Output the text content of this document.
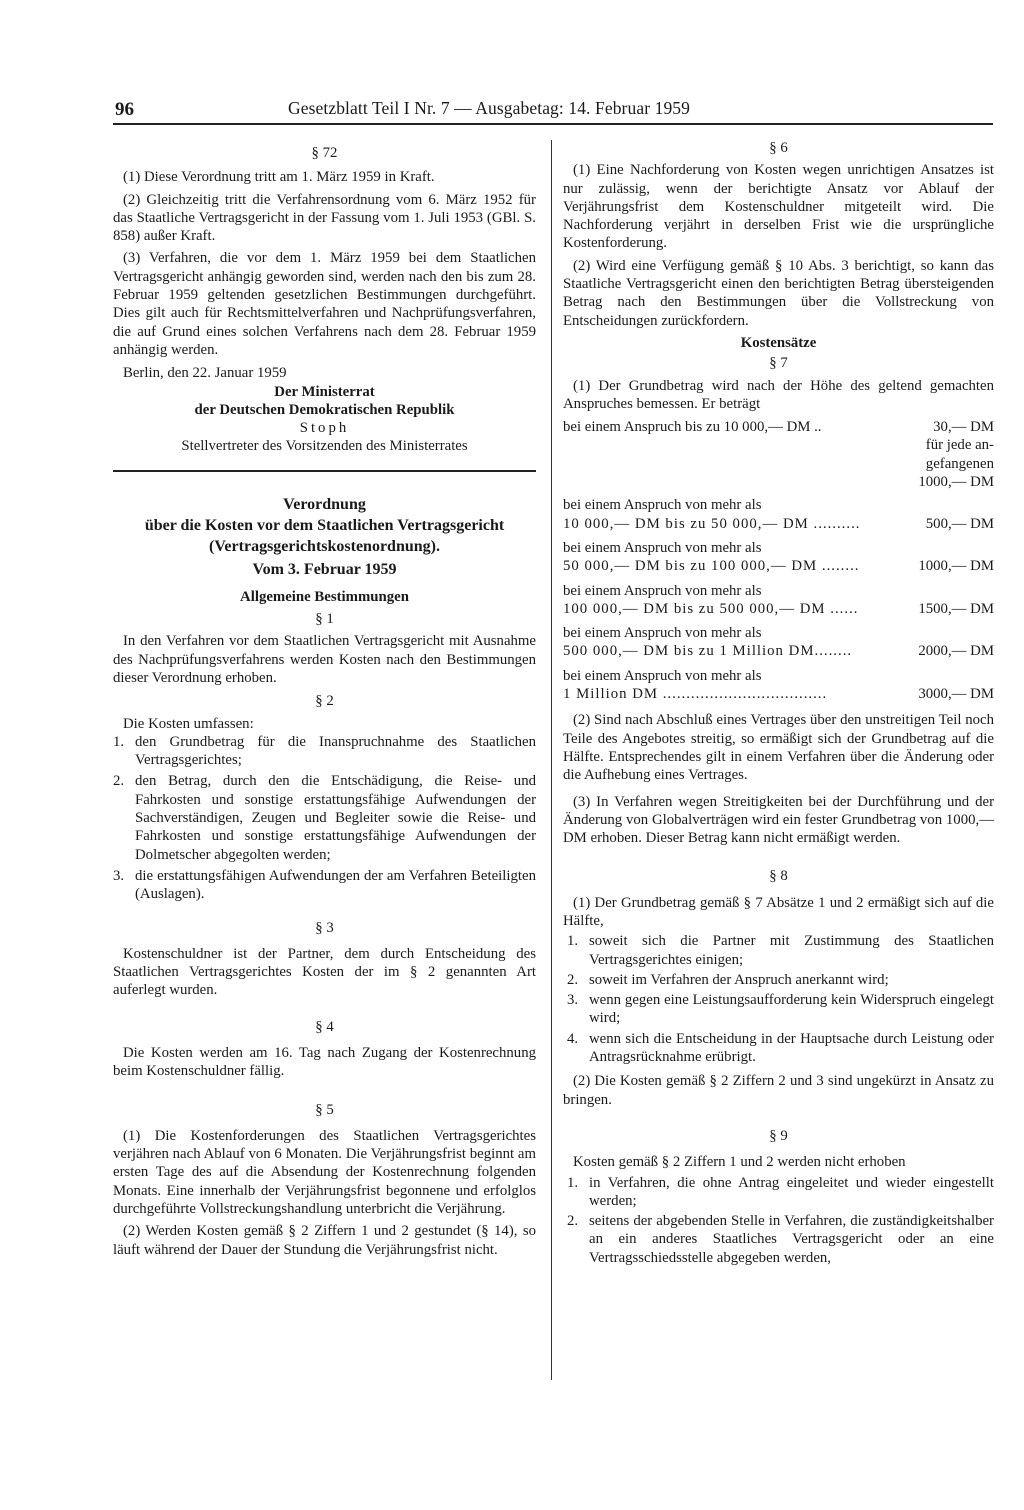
96	Gesetzblatt Teil I Nr. 7 — Ausgabetag: 14. Februar 1959

§ 72

(1) Diese Verordnung tritt am 1. März 1959 in Kraft.

(2) Gleichzeitig tritt die Verfahrensordnung vom 6. März 1952 für das Staatliche Vertragsgericht in der Fassung vom 1. Juli 1953 (GBl. S. 858) außer Kraft.

(3) Verfahren, die vor dem 1. März 1959 bei dem Staatlichen Vertragsgericht anhängig geworden sind, werden nach den bis zum 28. Februar 1959 geltenden gesetzlichen Bestimmungen durchgeführt. Dies gilt auch für Rechtsmittelverfahren und Nachprüfungsverfahren, die auf Grund eines solchen Verfahrens nach dem 28. Februar 1959 anhängig werden.

Berlin, den 22. Januar 1959

Der Ministerrat

der Deutschen Demokratischen Republik

Stoph

Stellvertreter des Vorsitzenden des Ministerrates

Verordnung

über die Kosten vor dem Staatlichen Vertragsgericht (Vertragsgerichtskostenordnung).

Vom 3. Februar 1959

Allgemeine Bestimmungen

§ 1

In den Verfahren vor dem Staatlichen Vertragsgericht mit Ausnahme des Nachprüfungsverfahrens werden Kosten nach den Bestimmungen dieser Verordnung erhoben.

§ 2

Die Kosten umfassen:

1. den Grundbetrag für die Inanspruchnahme des Staatlichen Vertragsgerichtes;
2. den Betrag, durch den die Entschädigung, die Reise- und Fahrkosten und sonstige erstattungsfähige Aufwendungen der Sachverständigen, Zeugen und Begleiter sowie die Reise- und Fahrkosten und sonstige erstattungsfähige Aufwendungen der Dolmetscher abgegolten werden;
3. die erstattungsfähigen Aufwendungen der am Verfahren Beteiligten (Auslagen).

§ 3

Kostenschuldner ist der Partner, dem durch Entscheidung des Staatlichen Vertragsgerichtes Kosten der im § 2 genannten Art auferlegt wurden.

§ 4

Die Kosten werden am 16. Tag nach Zugang der Kostenrechnung beim Kostenschuldner fällig.

§ 5

(1) Die Kostenforderungen des Staatlichen Vertragsgerichtes verjähren nach Ablauf von 6 Monaten. Die Verjährungsfrist beginnt am ersten Tage des auf die Absendung der Kostenrechnung folgenden Monats. Eine innerhalb der Verjährungsfrist begonnene und erfolglos durchgeführte Vollstreckungshandlung unterbricht die Verjährung.

(2) Werden Kosten gemäß § 2 Ziffern 1 und 2 gestundet (§ 14), so läuft während der Dauer der Stundung die Verjährungsfrist nicht.

§ 6

(1) Eine Nachforderung von Kosten wegen unrichtigen Ansatzes ist nur zulässig, wenn der berichtigte Ansatz vor Ablauf der Verjährungsfrist dem Kostenschuldner mitgeteilt wird. Die Nachforderung verjährt in derselben Frist wie die ursprüngliche Kostenforderung.

(2) Wird eine Verfügung gemäß § 10 Abs. 3 berichtigt, so kann das Staatliche Vertragsgericht einen den berichtigten Betrag übersteigenden Betrag nach den Bestimmungen über die Vollstreckung von Entscheidungen zurückfordern.

Kostensätze

§ 7

(1) Der Grundbetrag wird nach der Höhe des geltend gemachten Anspruches bemessen. Er beträgt

bei einem Anspruch bis zu 10 000,— DM ..	30,— DM

für jede an-

gefangenen

1000,— DM

bei einem Anspruch von mehr als

10 000,— DM bis zu 50 000,— DM ..........	500,— DM

bei einem Anspruch von mehr als

50 000,— DM bis zu 100 000,— DM ........	1000,— DM

bei einem Anspruch von mehr als

100 000,— DM bis zu 500 000,— DM ......	1500,— DM

bei einem Anspruch von mehr als

500 000,— DM bis zu 1 Million DM........	2000,— DM

bei einem Anspruch von mehr als

1 Million DM ...................................	3000,— DM

(2) Sind nach Abschluß eines Vertrages über den unstreitigen Teil noch Teile des Angebotes streitig, so ermäßigt sich der Grundbetrag auf die Hälfte. Entsprechendes gilt in einem Verfahren über die Änderung oder die Aufhebung eines Vertrages.

(3) In Verfahren wegen Streitigkeiten bei der Durchführung und der Änderung von Globalverträgen wird ein fester Grundbetrag von 1000,— DM erhoben. Dieser Betrag kann nicht ermäßigt werden.

§ 8

(1) Der Grundbetrag gemäß § 7 Absätze 1 und 2 ermäßigt sich auf die Hälfte,

1. soweit sich die Partner mit Zustimmung des Staatlichen Vertragsgerichtes einigen;
2. soweit im Verfahren der Anspruch anerkannt wird;
3. wenn gegen eine Leistungsaufforderung kein Widerspruch eingelegt wird;
4. wenn sich die Entscheidung in der Hauptsache durch Leistung oder Antragsrücknahme erübrigt.

(2) Die Kosten gemäß § 2 Ziffern 2 und 3 sind ungekürzt in Ansatz zu bringen.

§ 9

Kosten gemäß § 2 Ziffern 1 und 2 werden nicht erhoben

1. in Verfahren, die ohne Antrag eingeleitet und wieder eingestellt werden;
2. seitens der abgebenden Stelle in Verfahren, die zuständigkeitshalber an ein anderes Staatliches Vertragsgericht oder an eine Vertragsschiedsstelle abgegeben werden,
